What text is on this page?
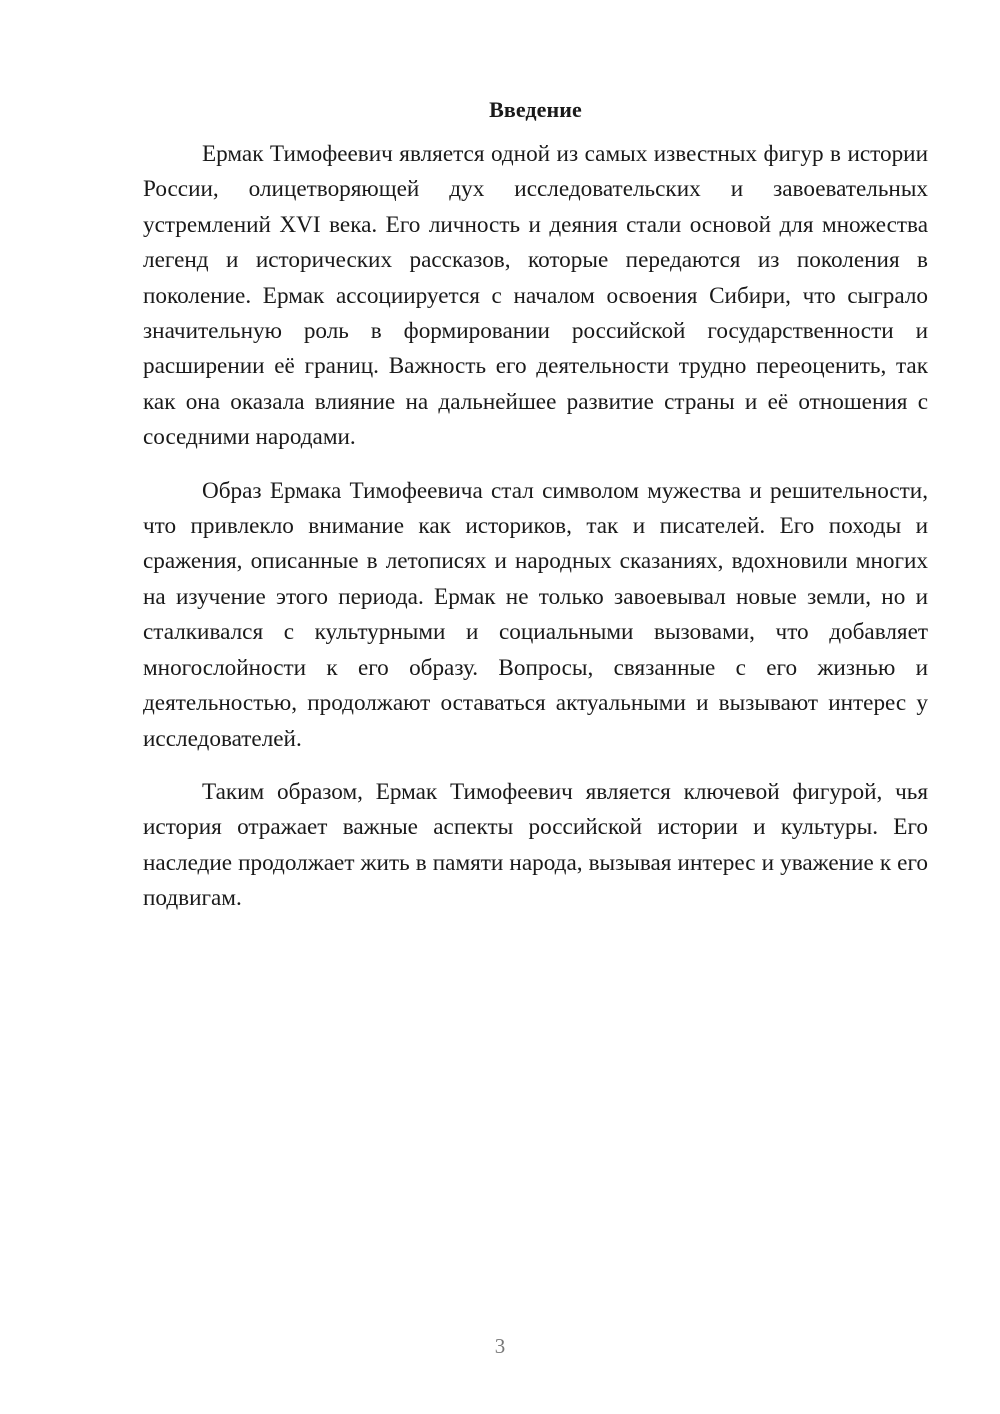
Введение

Ермак Тимофеевич является одной из самых известных фигур в истории России, олицетворяющей дух исследовательских и завоевательных устремлений XVI века. Его личность и деяния стали основой для множества легенд и исторических рассказов, которые передаются из поколения в поколение. Ермак ассоциируется с началом освоения Сибири, что сыграло значительную роль в формировании российской государственности и расширении её границ. Важность его деятельности трудно переоценить, так как она оказала влияние на дальнейшее развитие страны и её отношения с соседними народами.

Образ Ермака Тимофеевича стал символом мужества и решительности, что привлекло внимание как историков, так и писателей. Его походы и сражения, описанные в летописях и народных сказаниях, вдохновили многих на изучение этого периода. Ермак не только завоевывал новые земли, но и сталкивался с культурными и социальными вызовами, что добавляет многослойности к его образу. Вопросы, связанные с его жизнью и деятельностью, продолжают оставаться актуальными и вызывают интерес у исследователей.

Таким образом, Ермак Тимофеевич является ключевой фигурой, чья история отражает важные аспекты российской истории и культуры. Его наследие продолжает жить в памяти народа, вызывая интерес и уважение к его подвигам.

3
